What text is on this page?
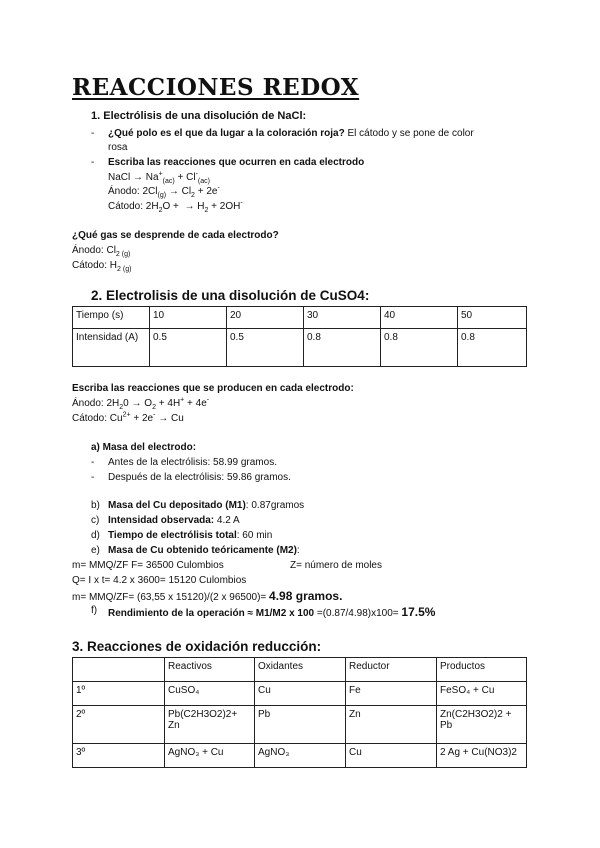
REACCIONES REDOX
1. Electrólisis de una disolución de NaCl:
- ¿Qué polo es el que da lugar a la coloración roja? El cátodo y se pone de color
rosa
- Escriba las reacciones que ocurren en cada electrodo
NaCl → $Na^+_{(ac)} + Cl^-_{(ac)}$
Ánodo: $2Cl_{(g)} \to Cl_2 + 2e^-$
Cátodo: $2H_2O$ +  → $H_2 + 2OH^-$
¿Qué gas se desprende de cada electrodo?
Ánodo: $Cl_{2 (g)}$
Cátodo: $H_{2 (g)}$
2. Electrolisis de una disolución de CuSO4:
Tiempo (s)	10	20	30	40	50
Intensidad (A)	0.5	0.5	0.8	0.8	0.8
Escriba las reacciones que se producen en cada electrodo:
Ánodo: $2H_20 \to O_2 + 4H^+ + 4e^-$
Cátodo: $Cu^{2+} + 2e^- \to Cu$
a) Masa del electrodo:
- Antes de la electrólisis: 58.99 gramos.
- Después de la electrólisis: 59.86 gramos.
b) Masa del Cu depositado (M1): 0.87gramos
c) Intensidad observada: 4.2 A
d) Tiempo de electrólisis total: 60 min
e) Masa de Cu obtenido teóricamente (M2):
m= MMQ/ZF F= 36500 Culombios	Z= número de moles
Q= I x t= 4.2 x 3600= 15120 Culombios
m= MMQ/ZF= (63,55 x 15120)/(2 x 96500)= 4.98 gramos.
f) Rendimiento de la operación ≈ M1/M2 x 100 =(0.87/4.98)x100= 17.5%
3. Reacciones de oxidación reducción:
	Reactivos	Oxidantes	Reductor	Productos
1º	CuSO₄	Cu	Fe	FeSO₄ + Cu
2º	Pb(C2H3O2)2+ Zn	Pb	Zn	Zn(C2H3O2)2 + Pb
3º	AgNO₃ + Cu	AgNO₃	Cu	2 Ag + Cu(NO3)2
